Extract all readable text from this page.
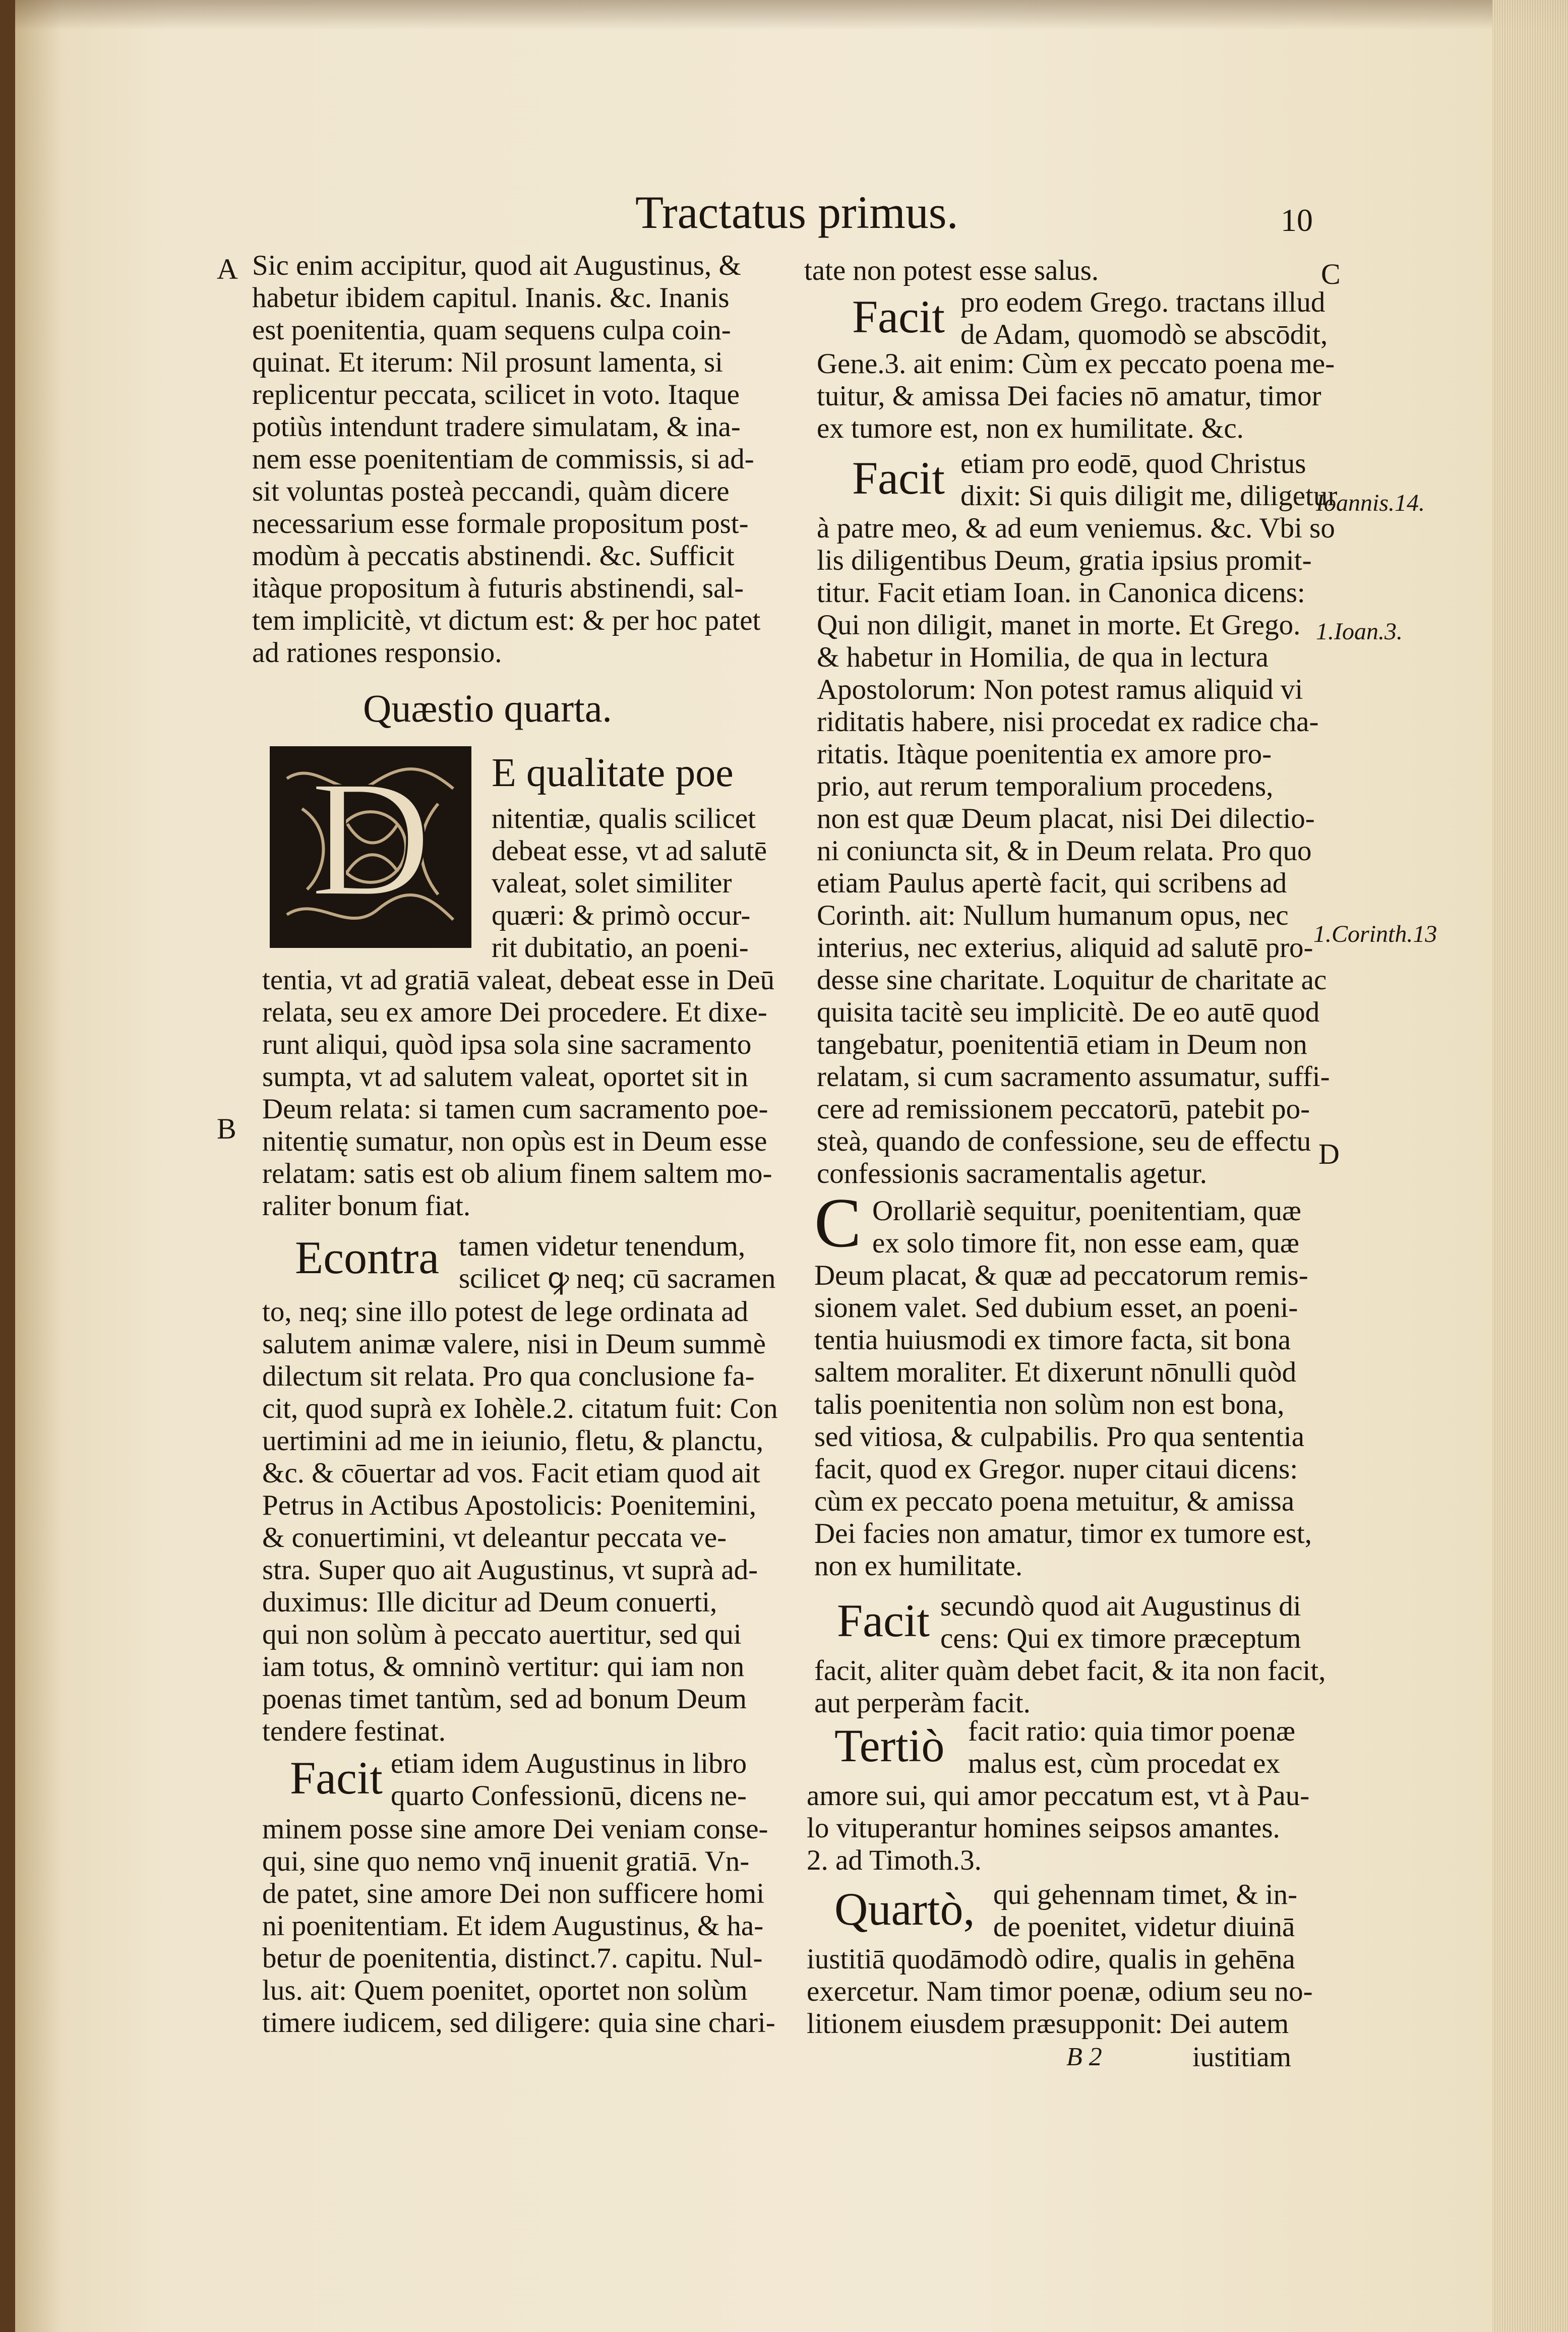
Tractatus primus.	10
A
B
C
D
Ioannis.14.
1.Ioan.3.
1.Corinth.13
Sic enim accipitur, quod ait Augustinus, &
habetur ibidem capitul. Inanis. &c. Inanis
est poenitentia, quam sequens culpa coin-
quinat. Et iterum: Nil prosunt lamenta, si
replicentur peccata, scilicet in voto. Itaque
potiùs intendunt tradere simulatam, & ina-
nem esse poenitentiam de commissis, si ad-
sit voluntas posteà peccandi, quàm dicere
necessarium esse formale propositum post-
modùm à peccatis abstinendi. &c. Sufficit
itàque propositum à futuris abstinendi, sal-
tem implicitè, vt dictum est: & per hoc patet
ad rationes responsio.
Quæstio quarta.
D E qualitate poe
nitentiæ, qualis scilicet
debeat esse, vt ad salutē
valeat, solet similiter
quæri: & primò occur-
rit dubitatio, an poeni-
tentia, vt ad gratiā valeat, debeat esse in Deū
relata, seu ex amore Dei procedere. Et dixe-
runt aliqui, quòd ipsa sola sine sacramento
sumpta, vt ad salutem valeat, oportet sit in
Deum relata: si tamen cum sacramento poe-
nitentię sumatur, non opùs est in Deum esse
relatam: satis est ob alium finem saltem mo-
raliter bonum fiat.
Econtra tamen videtur tenendum,
scilicet ꝙ neq; cū sacramen
to, neq; sine illo potest de lege ordinata ad
salutem animæ valere, nisi in Deum summè
dilectum sit relata. Pro qua conclusione fa-
cit, quod suprà ex Iohèle.2. citatum fuit: Con
uertimini ad me in ieiunio, fletu, & planctu,
&c. & cōuertar ad vos. Facit etiam quod ait
Petrus in Actibus Apostolicis: Poenitemini,
& conuertimini, vt deleantur peccata ve-
stra. Super quo ait Augustinus, vt suprà ad-
duximus: Ille dicitur ad Deum conuerti,
qui non solùm à peccato auertitur, sed qui
iam totus, & omninò vertitur: qui iam non
poenas timet tantùm, sed ad bonum Deum
tendere festinat.
Facit etiam idem Augustinus in libro
quarto Confessionū, dicens ne-
minem posse sine amore Dei veniam conse-
qui, sine quo nemo vnq̄ inuenit gratiā. Vn-
de patet, sine amore Dei non sufficere homi
ni poenitentiam. Et idem Augustinus, & ha-
betur de poenitentia, distinct.7. capitu. Nul-
lus. ait: Quem poenitet, oportet non solùm
timere iudicem, sed diligere: quia sine chari-
tate non potest esse salus.
Facit pro eodem Grego. tractans illud
de Adam, quomodò se abscōdit,
Gene.3. ait enim: Cùm ex peccato poena me-
tuitur, & amissa Dei facies nō amatur, timor
ex tumore est, non ex humilitate. &c.
Facit etiam pro eodē, quod Christus
dixit: Si quis diligit me, diligetur
à patre meo, & ad eum veniemus. &c. Vbi so
lis diligentibus Deum, gratia ipsius promit-
titur. Facit etiam Ioan. in Canonica dicens:
Qui non diligit, manet in morte. Et Grego.
& habetur in Homilia, de qua in lectura
Apostolorum: Non potest ramus aliquid vi
riditatis habere, nisi procedat ex radice cha-
ritatis. Itàque poenitentia ex amore pro-
prio, aut rerum temporalium procedens,
non est quæ Deum placat, nisi Dei dilectio-
ni coniuncta sit, & in Deum relata. Pro quo
etiam Paulus apertè facit, qui scribens ad
Corinth. ait: Nullum humanum opus, nec
interius, nec exterius, aliquid ad salutē pro-
desse sine charitate. Loquitur de charitate ac
quisita tacitè seu implicitè. De eo autē quod
tangebatur, poenitentiā etiam in Deum non
relatam, si cum sacramento assumatur, suffi-
cere ad remissionem peccatorū, patebit po-
steà, quando de confessione, seu de effectu
confessionis sacramentalis agetur.
C Orollariè sequitur, poenitentiam, quæ
ex solo timore fit, non esse eam, quæ
Deum placat, & quæ ad peccatorum remis-
sionem valet. Sed dubium esset, an poeni-
tentia huiusmodi ex timore facta, sit bona
saltem moraliter. Et dixerunt nōnulli quòd
talis poenitentia non solùm non est bona,
sed vitiosa, & culpabilis. Pro qua sententia
facit, quod ex Gregor. nuper citaui dicens:
cùm ex peccato poena metuitur, & amissa
Dei facies non amatur, timor ex tumore est,
non ex humilitate.
Facit secundò quod ait Augustinus di
cens: Qui ex timore præceptum
facit, aliter quàm debet facit, & ita non facit,
aut perperàm facit.
Tertiò facit ratio: quia timor poenæ
malus est, cùm procedat ex
amore sui, qui amor peccatum est, vt à Pau-
lo vituperantur homines seipsos amantes.
2. ad Timoth.3.
Quartò, qui gehennam timet, & in-
de poenitet, videtur diuinā
iustitiā quodāmodò odire, qualis in gehēna
exercetur. Nam timor poenæ, odium seu no-
litionem eiusdem præsupponit: Dei autem
B 2	iustitiam
